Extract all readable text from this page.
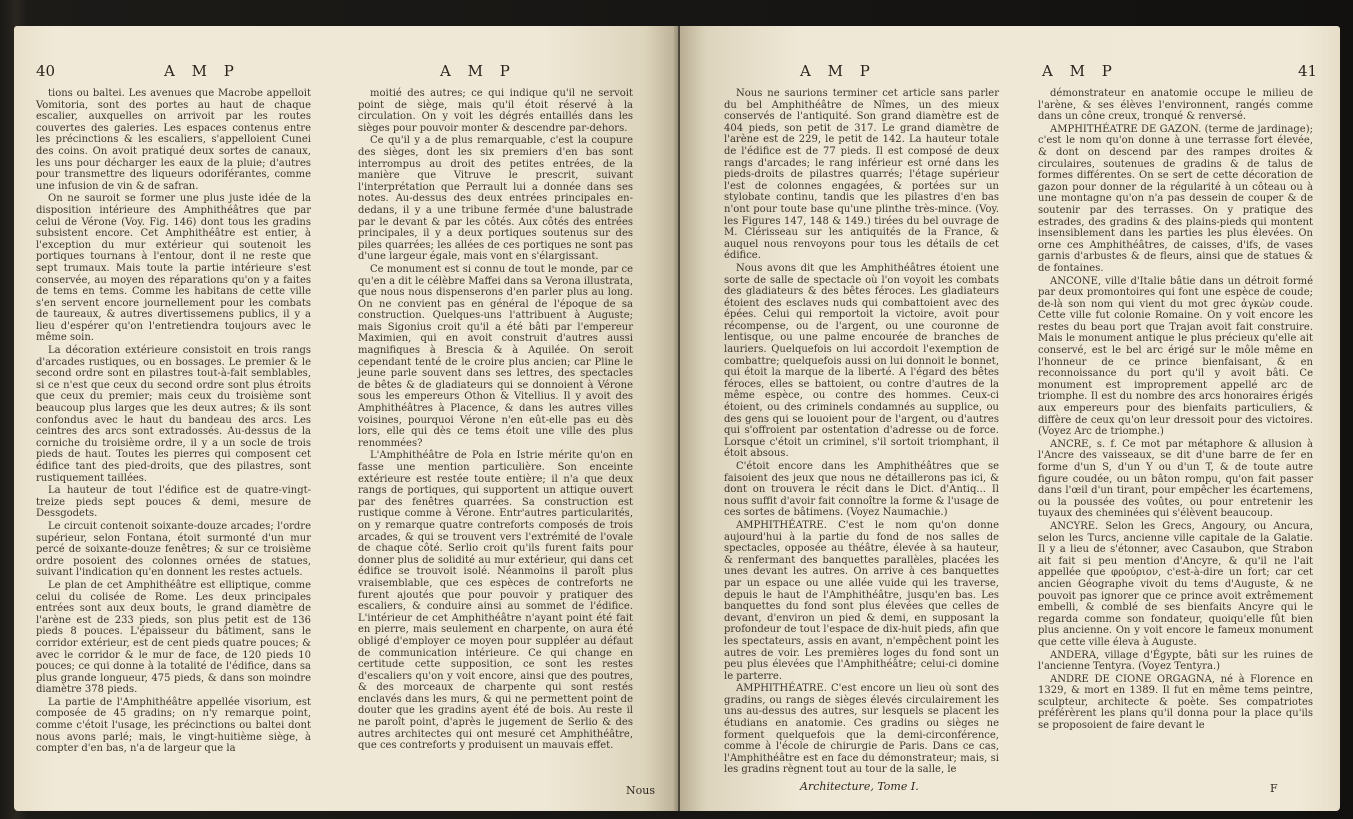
40	A M P	A M P

tions ou baltei. Les avenues que Macrobe appelloit Vomitoria, sont des portes au haut de chaque escalier, auxquelles on arrivoit par les routes couvertes des galeries. Les espaces contenus entre les précinctions & les escaliers, s'appelloient Cunei des coins. On avoit pratiqué deux sortes de canaux, les uns pour décharger les eaux de la pluie; d'autres pour transmettre des liqueurs odoriférantes, comme une infusion de vin & de safran.

On ne sauroit se former une plus juste idée de la disposition intérieure des Amphithéâtres que par celui de Vérone (Voy. Fig. 146) dont tous les gradins subsistent encore. Cet Amphithéâtre est entier, à l'exception du mur extérieur qui soutenoit les portiques tournans à l'entour, dont il ne reste que sept trumaux. Mais toute la partie intérieure s'est conservée, au moyen des réparations qu'on y a faites de tems en tems. Comme les habitans de cette ville s'en servent encore journellement pour les combats de taureaux, & autres divertissemens publics, il y a lieu d'espérer qu'on l'entretiendra toujours avec le même soin.

La décoration extérieure consistoit en trois rangs d'arcades rustiques, ou en bossages. Le premier & le second ordre sont en pilastres tout-à-fait semblables, si ce n'est que ceux du second ordre sont plus étroits que ceux du premier; mais ceux du troisième sont beaucoup plus larges que les deux autres; & ils sont confondus avec le haut du bandeau des arcs. Les ceintres des arcs sont extradossés. Au-dessus de la corniche du troisième ordre, il y a un socle de trois pieds de haut. Toutes les pierres qui composent cet édifice tant des pied-droits, que des pilastres, sont rustiquement taillées.

La hauteur de tout l'édifice est de quatre-vingt-treize pieds sept pouces & demi, mesure de Dessgodets.

Le circuit contenoit soixante-douze arcades; l'ordre supérieur, selon Fontana, étoit surmonté d'un mur percé de soixante-douze fenêtres; & sur ce troisième ordre posoient des colonnes ornées de statues, suivant l'indication qu'en donnent les restes actuels.

Le plan de cet Amphithéâtre est elliptique, comme celui du colisée de Rome. Les deux principales entrées sont aux deux bouts, le grand diamètre de l'arène est de 233 pieds, son plus petit est de 136 pieds 8 pouces. L'épaisseur du bâtiment, sans le corridor extérieur, est de cent pieds quatre pouces; & avec le corridor & le mur de face, de 120 pieds 10 pouces; ce qui donne à la totalité de l'édifice, dans sa plus grande longueur, 475 pieds, & dans son moindre diamètre 378 pieds.

La partie de l'Amphithéâtre appellée visorium, est composée de 45 gradins; on n'y remarque point, comme c'étoit l'usage, les précinctions ou baltei dont nous avons parlé; mais, le vingt-huitième siège, à compter d'en bas, n'a de largeur que la

moitié des autres; ce qui indique qu'il ne servoit point de siège, mais qu'il étoit réservé à la circulation. On y voit les dégrés entaillés dans les sièges pour pouvoir monter & descendre par-dehors.

Ce qu'il y a de plus remarquable, c'est la coupure des sièges, dont les six premiers d'en bas sont interrompus au droit des petites entrées, de la manière que Vitruve le prescrit, suivant l'interprétation que Perrault lui a donnée dans ses notes. Au-dessus des deux entrées principales en-dedans, il y a une tribune fermée d'une balustrade par le devant & par les côtés. Aux côtés des entrées principales, il y a deux portiques soutenus sur des piles quarrées; les allées de ces portiques ne sont pas d'une largeur égale, mais vont en s'élargissant.

Ce monument est si connu de tout le monde, par ce qu'en a dit le célèbre Maffei dans sa Verona illustrata, que nous nous dispenserons d'en parler plus au long. On ne convient pas en général de l'époque de sa construction. Quelques-uns l'attribuent à Auguste; mais Sigonius croit qu'il a été bâti par l'empereur Maximien, qui en avoit construit d'autres aussi magnifiques à Brescia & à Aquilée. On seroit cependant tenté de le croire plus ancien; car Pline le jeune parle souvent dans ses lettres, des spectacles de bêtes & de gladiateurs qui se donnoient à Vérone sous les empereurs Othon & Vitellius. Il y avoit des Amphithéâtres à Placence, & dans les autres villes voisines, pourquoi Vérone n'en eût-elle pas eu dès lors, elle qui dès ce tems étoit une ville des plus renommées?

L'Amphithéâtre de Pola en Istrie mérite qu'on en fasse une mention particulière. Son enceinte extérieure est restée toute entière; il n'a que deux rangs de portiques, qui supportent un attique ouvert par des fenêtres quarrées. Sa construction est rustique comme à Vérone. Entr'autres particularités, on y remarque quatre contreforts composés de trois arcades, & qui se trouvent vers l'extrémité de l'ovale de chaque côté. Serlio croit qu'ils furent faits pour donner plus de solidité au mur extérieur, qui dans cet édifice se trouvoit isolé. Néanmoins il paroît plus vraisemblable, que ces espèces de contreforts ne furent ajoutés que pour pouvoir y pratiquer des escaliers, & conduire ainsi au sommet de l'édifice. L'intérieur de cet Amphithéâtre n'ayant point été fait en pierre, mais seulement en charpente, on aura été obligé d'employer ce moyen pour suppléer au défaut de communication intérieure. Ce qui change en certitude cette supposition, ce sont les restes d'escaliers qu'on y voit encore, ainsi que des poutres, & des morceaux de charpente qui sont restés enclavés dans les murs, & qui ne permettent point de douter que les gradins ayent été de bois. Au reste il ne paroît point, d'après le jugement de Serlio & des autres architectes qui ont mesuré cet Amphithéâtre, que ces contreforts y produisent un mauvais effet.

Nous
A M P	A M P	41

Nous ne saurions terminer cet article sans parler du bel Amphithéâtre de Nîmes, un des mieux conservés de l'antiquité. Son grand diamètre est de 404 pieds, son petit de 317. Le grand diamètre de l'arène est de 229, le petit de 142. La hauteur totale de l'édifice est de 77 pieds. Il est composé de deux rangs d'arcades; le rang inférieur est orné dans les pieds-droits de pilastres quarrés; l'étage supérieur l'est de colonnes engagées, & portées sur un stylobate continu, tandis que les pilastres d'en bas n'ont pour toute base qu'une plinthe très-mince. (Voy. les Figures 147, 148 & 149.) tirées du bel ouvrage de M. Clérisseau sur les antiquités de la France, & auquel nous renvoyons pour tous les détails de cet édifice.

Nous avons dit que les Amphithéâtres étoient une sorte de salle de spectacle où l'on voyoit les combats des gladiateurs & des bêtes féroces. Les gladiateurs étoient des esclaves nuds qui combattoient avec des épées. Celui qui remportoit la victoire, avoit pour récompense, ou de l'argent, ou une couronne de lentisque, ou une palme encourée de branches de lauriers. Quelquefois on lui accordoit l'exemption de combattre; quelquefois aussi on lui donnoit le bonnet, qui étoit la marque de la liberté. A l'égard des bêtes féroces, elles se battoient, ou contre d'autres de la même espèce, ou contre des hommes. Ceux-ci étoient, ou des criminels condamnés au supplice, ou des gens qui se louoient pour de l'argent, ou d'autres qui s'offroient par ostentation d'adresse ou de force. Lorsque c'étoit un criminel, s'il sortoit triomphant, il étoit absous.

C'étoit encore dans les Amphithéâtres que se faisoient des jeux que nous ne détaillerons pas ici, & dont on trouvera le récit dans le Dict. d'Antiq... Il nous suffit d'avoir fait connoître la forme & l'usage de ces sortes de bâtimens. (Voyez Naumachie.)

AMPHITHÉATRE. C'est le nom qu'on donne aujourd'hui à la partie du fond de nos salles de spectacles, opposée au théâtre, élevée à sa hauteur, & renfermant des banquettes parallèles, placées les unes devant les autres. On arrive à ces banquettes par un espace ou une allée vuide qui les traverse, depuis le haut de l'Amphithéâtre, jusqu'en bas. Les banquettes du fond sont plus élevées que celles de devant, d'environ un pied & demi, en supposant la profondeur de tout l'espace de dix-huit pieds, afin que les spectateurs, assis en avant, n'empêchent point les autres de voir. Les premières loges du fond sont un peu plus élevées que l'Amphithéâtre; celui-ci domine le parterre.

AMPHITHÉATRE. C'est encore un lieu où sont des gradins, ou rangs de sièges élevés circulairement les uns au-dessus des autres, sur lesquels se placent les étudians en anatomie. Ces gradins ou sièges ne forment quelquefois que la demi-circonférence, comme à l'école de chirurgie de Paris. Dans ce cas, l'Amphithéâtre est en face du démonstrateur; mais, si les gradins règnent tout au tour de la salle, le

démonstrateur en anatomie occupe le milieu de l'arène, & ses élèves l'environnent, rangés comme dans un cône creux, tronqué & renversé.

AMPHITHÉATRE DE GAZON. (terme de jardinage); c'est le nom qu'on donne à une terrasse fort élevée, & dont on descend par des rampes droites & circulaires, soutenues de gradins & de talus de formes différentes. On se sert de cette décoration de gazon pour donner de la régularité à un côteau ou à une montagne qu'on n'a pas dessein de couper & de soutenir par des terrasses. On y pratique des estrades, des gradins & des plains-pieds qui montent insensiblement dans les parties les plus élevées. On orne ces Amphithéâtres, de caisses, d'ifs, de vases garnis d'arbustes & de fleurs, ainsi que de statues & de fontaines.

ANCONE, ville d'Italie bâtie dans un détroit formé par deux promontoires qui font une espèce de coude; de-là son nom qui vient du mot grec ἀγκὼν coude. Cette ville fut colonie Romaine. On y voit encore les restes du beau port que Trajan avoit fait construire. Mais le monument antique le plus précieux qu'elle ait conservé, est le bel arc érigé sur le môle même en l'honneur de ce prince bienfaisant, & en reconnoissance du port qu'il y avoit bâti. Ce monument est improprement appellé arc de triomphe. Il est du nombre des arcs honoraires érigés aux empereurs pour des bienfaits particuliers, & diffère de ceux qu'on leur dressoit pour des victoires. (Voyez Arc de triomphe.)

ANCRE, s. f. Ce mot par métaphore & allusion à l'Ancre des vaisseaux, se dit d'une barre de fer en forme d'un S, d'un Y ou d'un T, & de toute autre figure coudée, ou un bâton rompu, qu'on fait passer dans l'œil d'un tirant, pour empêcher les écartemens, ou la poussée des voûtes, ou pour entretenir les tuyaux des cheminées qui s'élèvent beaucoup.

ANCYRE. Selon les Grecs, Angoury, ou Ancura, selon les Turcs, ancienne ville capitale de la Galatie. Il y a lieu de s'étonner, avec Casaubon, que Strabon ait fait si peu mention d'Ancyre, & qu'il ne l'ait appellée que φρούριον, c'est-à-dire un fort; car cet ancien Géographe vivoit du tems d'Auguste, & ne pouvoit pas ignorer que ce prince avoit extrêmement embelli, & comblé de ses bienfaits Ancyre qui le regarda comme son fondateur, quoiqu'elle fût bien plus ancienne. On y voit encore le fameux monument que cette ville éleva à Auguste.

ANDERA, village d'Égypte, bâti sur les ruines de l'ancienne Tentyra. (Voyez Tentyra.)

ANDRE DE CIONE ORGAGNA, né à Florence en 1329, & mort en 1389. Il fut en même tems peintre, sculpteur, architecte & poète. Ses compatriotes préférèrent les plans qu'il donna pour la place qu'ils se proposoient de faire devant le

Architecture, Tome I.	F
